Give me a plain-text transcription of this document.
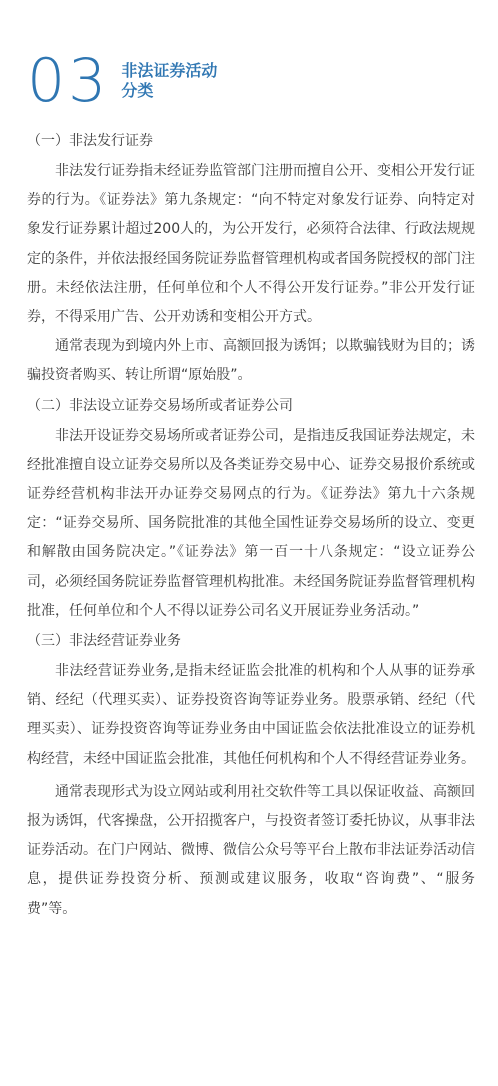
03 非法证券活动
分类
（一）非法发行证券

非法发行证券指未经证券监管部门注册而擅自公开、变相公开发行证券的行为。《证券法》第九条规定：“向不特定对象发行证券、向特定对象发行证券累计超过200人的，为公开发行，必须符合法律、行政法规规定的条件，并依法报经国务院证券监督管理机构或者国务院授权的部门注册。未经依法注册，任何单位和个人不得公开发行证券。”非公开发行证券，不得采用广告、公开劝诱和变相公开方式。

通常表现为到境内外上市、高额回报为诱饵；以欺骗钱财为目的；诱骗投资者购买、转让所谓“原始股”。

（二）非法设立证券交易场所或者证券公司

非法开设证券交易场所或者证券公司，是指违反我国证券法规定，未经批准擅自设立证券交易所以及各类证券交易中心、证券交易报价系统或证券经营机构非法开办证券交易网点的行为。《证券法》第九十六条规定：“证券交易所、国务院批准的其他全国性证券交易场所的设立、变更和解散由国务院决定。”《证券法》第一百一十八条规定：“设立证券公司，必须经国务院证券监督管理机构批准。未经国务院证券监督管理机构批准，任何单位和个人不得以证券公司名义开展证券业务活动。”

（三）非法经营证券业务

非法经营证券业务,是指未经证监会批准的机构和个人从事的证券承销、经纪（代理买卖）、证券投资咨询等证券业务。股票承销、经纪（代理买卖）、证券投资咨询等证券业务由中国证监会依法批准设立的证券机构经营，未经中国证监会批准，其他任何机构和个人不得经营证券业务。

通常表现形式为设立网站或利用社交软件等工具以保证收益、高额回报为诱饵，代客操盘，公开招揽客户，与投资者签订委托协议，从事非法证券活动。在门户网站、微博、微信公众号等平台上散布非法证券活动信息，提供证券投资分析、预测或建议服务，收取“咨询费”、“服务费”等。
